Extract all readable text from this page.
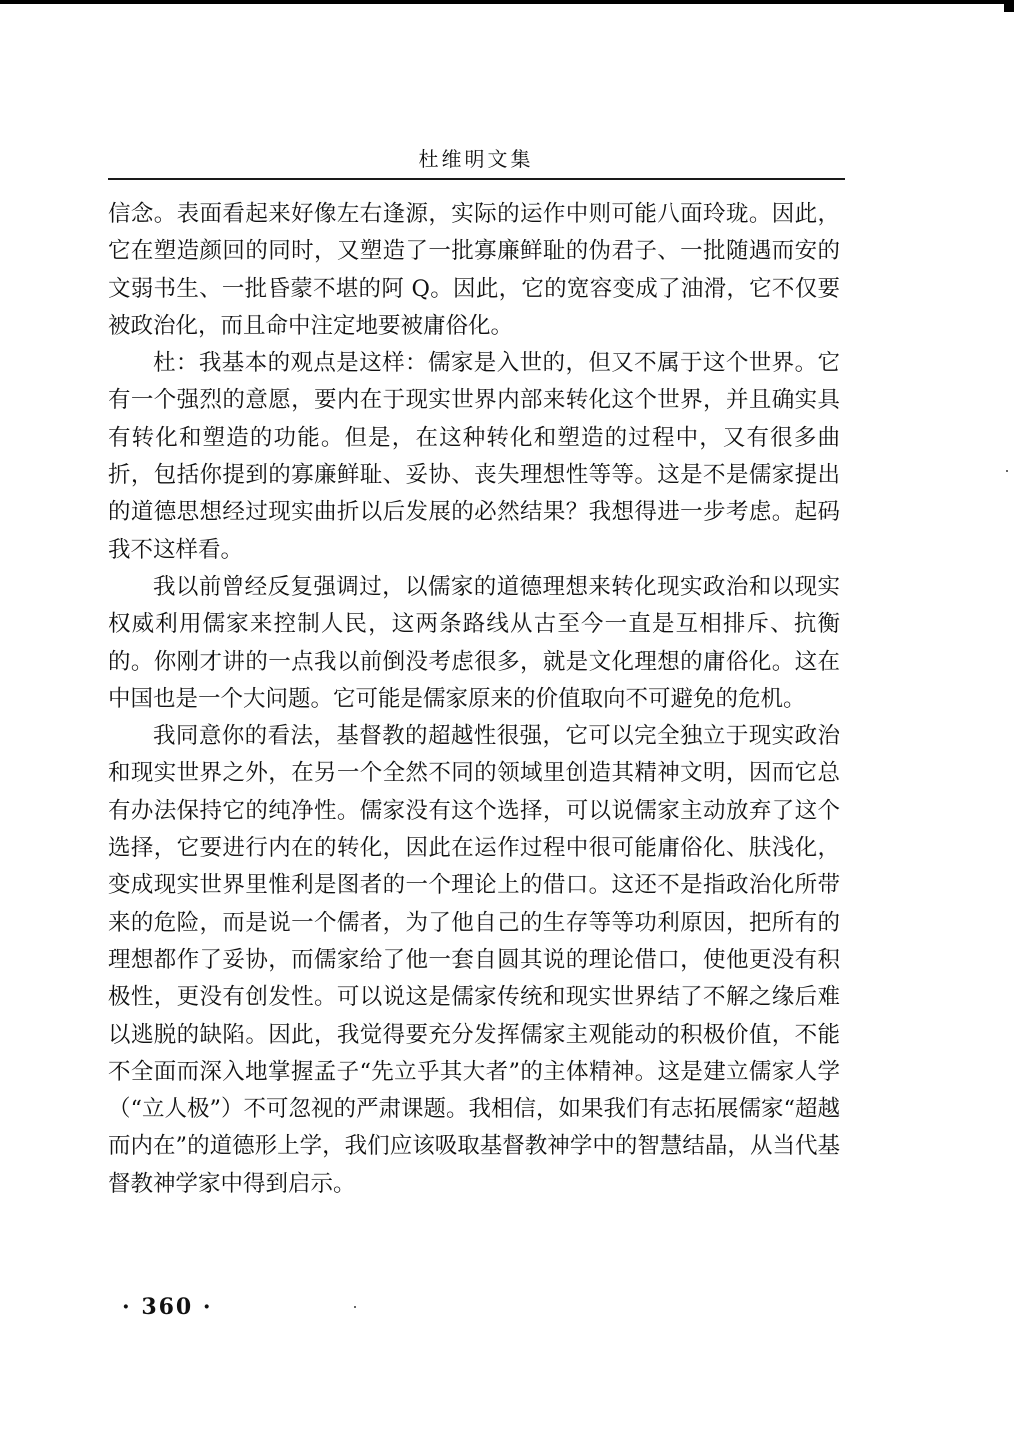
杜维明文集

信念。表面看起来好像左右逢源，实际的运作中则可能八面玲珑。因此，它在塑造颜回的同时，又塑造了一批寡廉鲜耻的伪君子、一批随遇而安的文弱书生、一批昏蒙不堪的阿 Q。因此，它的宽容变成了油滑，它不仅要被政治化，而且命中注定地要被庸俗化。

杜：我基本的观点是这样：儒家是入世的，但又不属于这个世界。它有一个强烈的意愿，要内在于现实世界内部来转化这个世界，并且确实具有转化和塑造的功能。但是，在这种转化和塑造的过程中，又有很多曲折，包括你提到的寡廉鲜耻、妥协、丧失理想性等等。这是不是儒家提出的道德思想经过现实曲折以后发展的必然结果？我想得进一步考虑。起码我不这样看。

我以前曾经反复强调过，以儒家的道德理想来转化现实政治和以现实权威利用儒家来控制人民，这两条路线从古至今一直是互相排斥、抗衡的。你刚才讲的一点我以前倒没考虑很多，就是文化理想的庸俗化。这在中国也是一个大问题。它可能是儒家原来的价值取向不可避免的危机。

我同意你的看法，基督教的超越性很强，它可以完全独立于现实政治和现实世界之外，在另一个全然不同的领域里创造其精神文明，因而它总有办法保持它的纯净性。儒家没有这个选择，可以说儒家主动放弃了这个选择，它要进行内在的转化，因此在运作过程中很可能庸俗化、肤浅化，变成现实世界里惟利是图者的一个理论上的借口。这还不是指政治化所带来的危险，而是说一个儒者，为了他自己的生存等等功利原因，把所有的理想都作了妥协，而儒家给了他一套自圆其说的理论借口，使他更没有积极性，更没有创发性。可以说这是儒家传统和现实世界结了不解之缘后难以逃脱的缺陷。因此，我觉得要充分发挥儒家主观能动的积极价值，不能不全面而深入地掌握孟子“先立乎其大者”的主体精神。这是建立儒家人学（“立人极”）不可忽视的严肃课题。我相信，如果我们有志拓展儒家“超越而内在”的道德形上学，我们应该吸取基督教神学中的智慧结晶，从当代基督教神学家中得到启示。

· 360 ·
